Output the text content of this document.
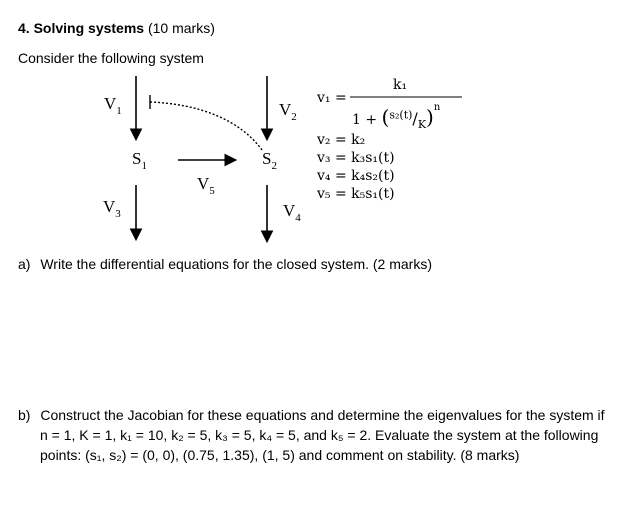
4. Solving systems (10 marks)
Consider the following system
$V_1$	$V_2$
$V_3$	$V_4$
$V_5$
$S_1$	$S_2$
v₁ =
k₁
$1 + (^{s_2(t)}/_K)^n$
v₂ = k₂
v₃ = k₃s₁(t)
v₄ = k₄s₂(t)
v₅ = k₅s₁(t)
a) Write the differential equations for the closed system. (2 marks)
b) Construct the Jacobian for these equations and determine the eigenvalues for the system if
n = 1, K = 1, k₁ = 10, k₂ = 5, k₃ = 5, k₄ = 5, and k₅ = 2. Evaluate the system at the following
points: (s₁, s₂) = (0, 0), (0.75, 1.35), (1, 5) and comment on stability. (8 marks)
